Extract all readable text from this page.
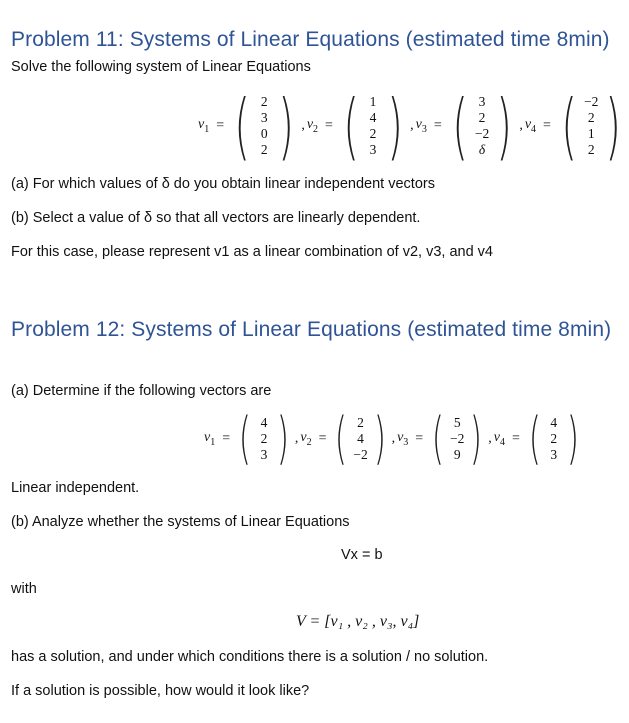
Problem 11: Systems of Linear Equations (estimated time 8min)
Solve the following system of Linear Equations
$v_1$ = ( 2
3
0
2 ) , $v_2$ = ( 1
4
2
3 ) , $v_3$ = ( 3
2
−2
δ ) , $v_4$ = ( −2
2
1
2 )
(a) For which values of δ do you obtain linear independent vectors
(b) Select a value of δ so that all vectors are linearly dependent.
For this case, please represent v1 as a linear combination of v2, v3, and v4
Problem 12: Systems of Linear Equations (estimated time 8min)
(a) Determine if the following vectors are
$v_1$ = ( 4
2
3 ) , $v_2$ = ( 2
4
−2 ) , $v_3$ = ( 5
−2
9 ) , $v_4$ = ( 4
2
3 )
Linear independent.
(b) Analyze whether the systems of Linear Equations
Vx = b
with
V = [v₁ , v₂ , v₃, v₄]
has a solution, and under which conditions there is a solution / no solution.
If a solution is possible, how would it look like?
